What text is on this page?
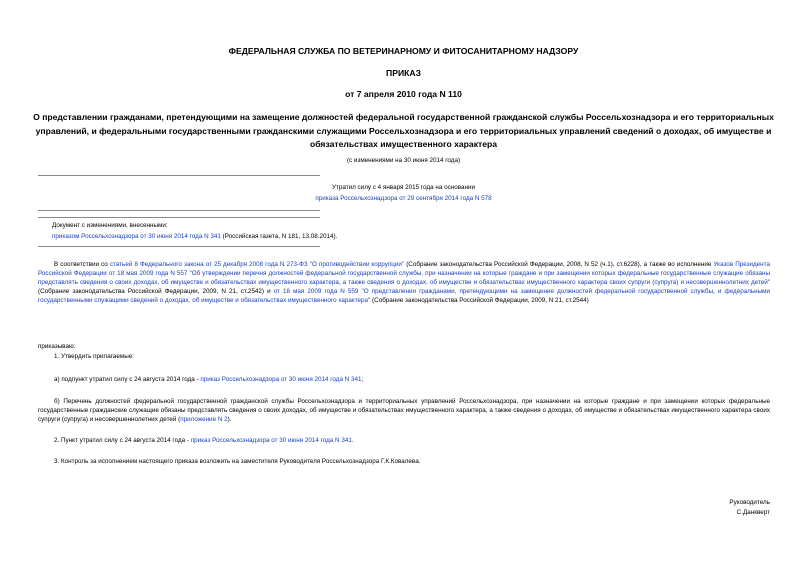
ФЕДЕРАЛЬНАЯ СЛУЖБА ПО ВЕТЕРИНАРНОМУ И ФИТОСАНИТАРНОМУ НАДЗОРУ
ПРИКАЗ
от 7 апреля 2010 года N 110
О представлении гражданами, претендующими на замещение должностей федеральной государственной гражданской службы Россельхознадзора и его территориальных управлений, и федеральными государственными гражданскими служащими Россельхознадзора и его территориальных управлений сведений о доходах, об имуществе и обязательствах имущественного характера
(с изменениями на 30 июня 2014 года)
Утратил силу с 4 января 2015 года на основании
приказа Россельхознадзора от 29 сентября 2014 года N 578
Документ с изменениями, внесенными:
приказом Россельхознадзора от 30 июня 2014 года N 341 (Российская газета, N 181, 13.08.2014).
В соответствии со статьей 8 Федерального закона от 25 декабря 2008 года N 273-ФЗ "О противодействии коррупции" (Собрание законодательства Российской Федерации, 2008, N 52 (ч.1), ст.6228), а также во исполнение Указов Президента Российской Федерации от 18 мая 2009 года N 557 "Об утверждении перечня должностей федеральной государственной службы, при назначении на которые граждане и при замещении которых федеральные государственные служащие обязаны представлять сведения о своих доходах, об имуществе и обязательствах имущественного характера, а также сведения о доходах, об имуществе и обязательствах имущественного характера своих супруги (супруга) и несовершеннолетних детей" (Собрание законодательства Российской Федерации, 2009, N 21, ст.2542) и от 18 мая 2009 года N 559 "О представлении гражданами, претендующими на замещение должностей федеральной государственной службы, и федеральными государственными служащими сведений о доходах, об имуществе и обязательствах имущественного характера" (Собрание законодательства Российской Федерации, 2009, N 21, ст.2544)
приказываю:
1. Утвердить прилагаемые:
а) подпункт утратил силу с 24 августа 2014 года - приказ Россельхознадзора от 30 июня 2014 года N 341;
б) Перечень должностей федеральной государственной гражданской службы Россельхознадзора и территориальных управлений Россельхознадзора, при назначении на которые граждане и при замещении которых федеральные государственные гражданские служащие обязаны представлять сведения о своих доходах, об имуществе и обязательствах имущественного характера, а также сведения о доходах, об имуществе и обязательствах имущественного характера своих супруги (супруга) и несовершеннолетних детей (приложение N 2).
2. Пункт утратил силу с 24 августа 2014 года - приказ Россельхознадзора от 30 июня 2014 года N 341.
3. Контроль за исполнением настоящего приказа возложить на заместителя Руководителя Россельхознадзора Г.К.Ковалева.
Руководитель
С.Данкверт
